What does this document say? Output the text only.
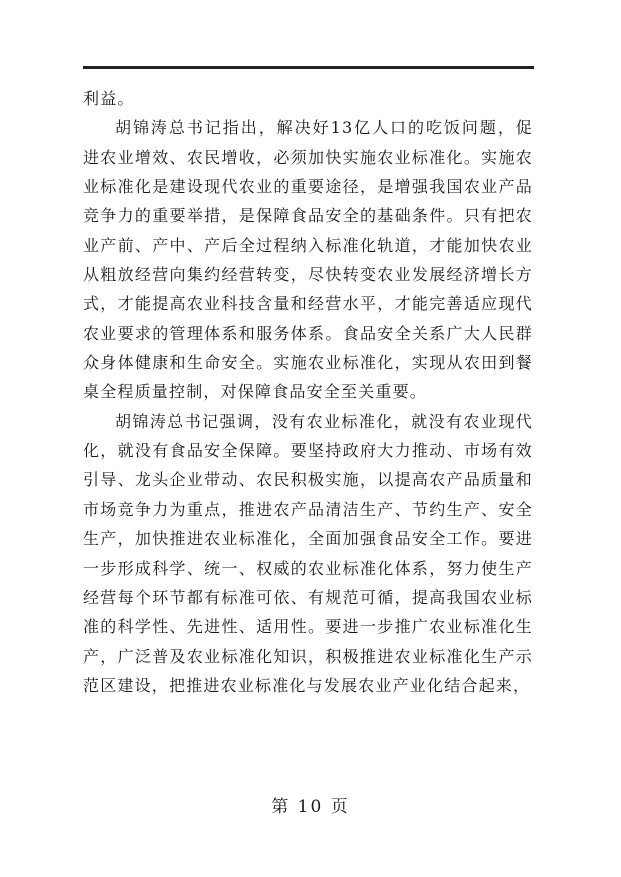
利益。

胡锦涛总书记指出，解决好13亿人口的吃饭问题，促进农业增效、农民增收，必须加快实施农业标准化。实施农业标准化是建设现代农业的重要途径，是增强我国农业产品竞争力的重要举措，是保障食品安全的基础条件。只有把农业产前、产中、产后全过程纳入标准化轨道，才能加快农业从粗放经营向集约经营转变，尽快转变农业发展经济增长方式，才能提高农业科技含量和经营水平，才能完善适应现代农业要求的管理体系和服务体系。食品安全关系广大人民群众身体健康和生命安全。实施农业标准化，实现从农田到餐桌全程质量控制，对保障食品安全至关重要。

胡锦涛总书记强调，没有农业标准化，就没有农业现代化，就没有食品安全保障。要坚持政府大力推动、市场有效引导、龙头企业带动、农民积极实施，以提高农产品质量和市场竞争力为重点，推进农产品清洁生产、节约生产、安全生产，加快推进农业标准化，全面加强食品安全工作。要进一步形成科学、统一、权威的农业标准化体系，努力使生产经营每个环节都有标准可依、有规范可循，提高我国农业标准的科学性、先进性、适用性。要进一步推广农业标准化生产，广泛普及农业标准化知识，积极推进农业标准化生产示范区建设，把推进农业标准化与发展农业产业化结合起来，

第 10 页
